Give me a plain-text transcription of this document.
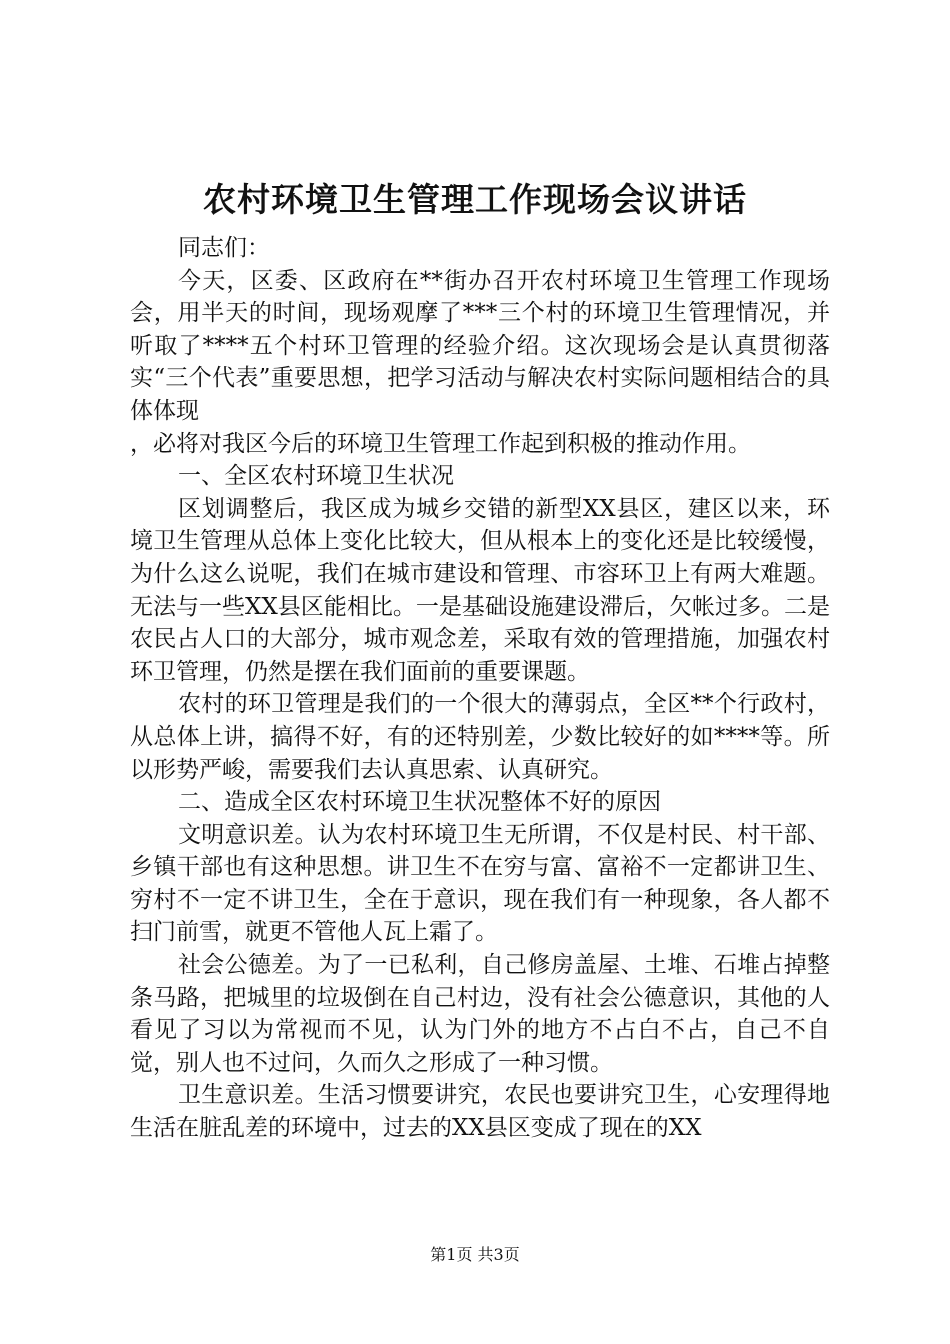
农村环境卫生管理工作现场会议讲话

同志们：

今天，区委、区政府在**街办召开农村环境卫生管理工作现场会，用半天的时间，现场观摩了***三个村的环境卫生管理情况，并听取了****五个村环卫管理的经验介绍。这次现场会是认真贯彻落实“三个代表”重要思想，把学习活动与解决农村实际问题相结合的具体体现

，必将对我区今后的环境卫生管理工作起到积极的推动作用。

一、全区农村环境卫生状况

区划调整后，我区成为城乡交错的新型XX县区，建区以来，环境卫生管理从总体上变化比较大，但从根本上的变化还是比较缓慢，为什么这么说呢，我们在城市建设和管理、市容环卫上有两大难题。无法与一些XX县区能相比。一是基础设施建设滞后，欠帐过多。二是农民占人口的大部分，城市观念差，采取有效的管理措施，加强农村环卫管理，仍然是摆在我们面前的重要课题。

农村的环卫管理是我们的一个很大的薄弱点，全区**个行政村，从总体上讲，搞得不好，有的还特别差，少数比较好的如****等。所以形势严峻，需要我们去认真思索、认真研究。

二、造成全区农村环境卫生状况整体不好的原因

文明意识差。认为农村环境卫生无所谓，不仅是村民、村干部、乡镇干部也有这种思想。讲卫生不在穷与富、富裕不一定都讲卫生、穷村不一定不讲卫生，全在于意识，现在我们有一种现象，各人都不扫门前雪，就更不管他人瓦上霜了。

社会公德差。为了一已私利，自己修房盖屋、土堆、石堆占掉整条马路，把城里的垃圾倒在自己村边，没有社会公德意识，其他的人看见了习以为常视而不见，认为门外的地方不占白不占，自己不自觉，别人也不过问，久而久之形成了一种习惯。

卫生意识差。生活习惯要讲究，农民也要讲究卫生，心安理得地生活在脏乱差的环境中，过去的XX县区变成了现在的XX

第1页 共3页
